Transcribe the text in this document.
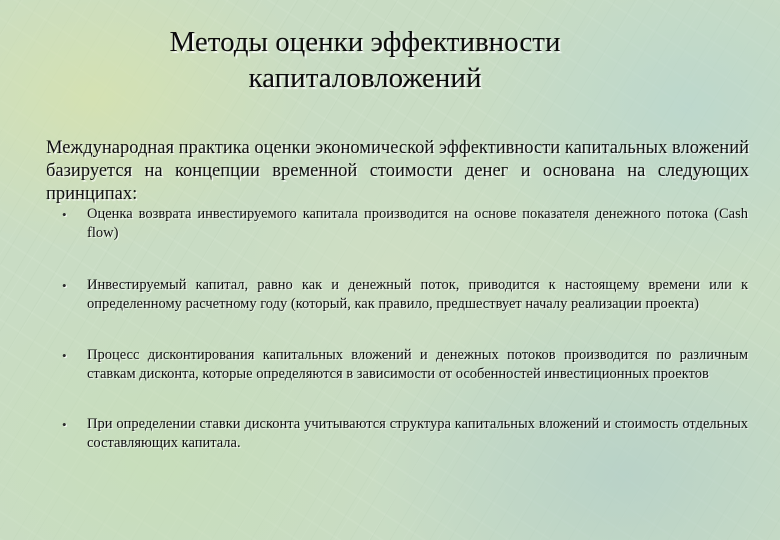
Методы оценки эффективности
капиталовложений

Международная практика оценки экономической эффективности капитальных вложений базируется на концепции временной стоимости денег и основана на следующих принципах:

• Оценка возврата инвестируемого капитала производится на основе показателя денежного потока (Cash flow)
• Инвестируемый капитал, равно как и денежный поток, приводится к настоящему времени или к определенному расчетному году (который, как правило, предшествует началу реализации проекта)
• Процесс дисконтирования капитальных вложений и денежных потоков производится по различным ставкам дисконта, которые определяются в зависимости от особенностей инвестиционных проектов
• При определении ставки дисконта учитываются структура капитальных вложений и стоимость отдельных составляющих капитала.
